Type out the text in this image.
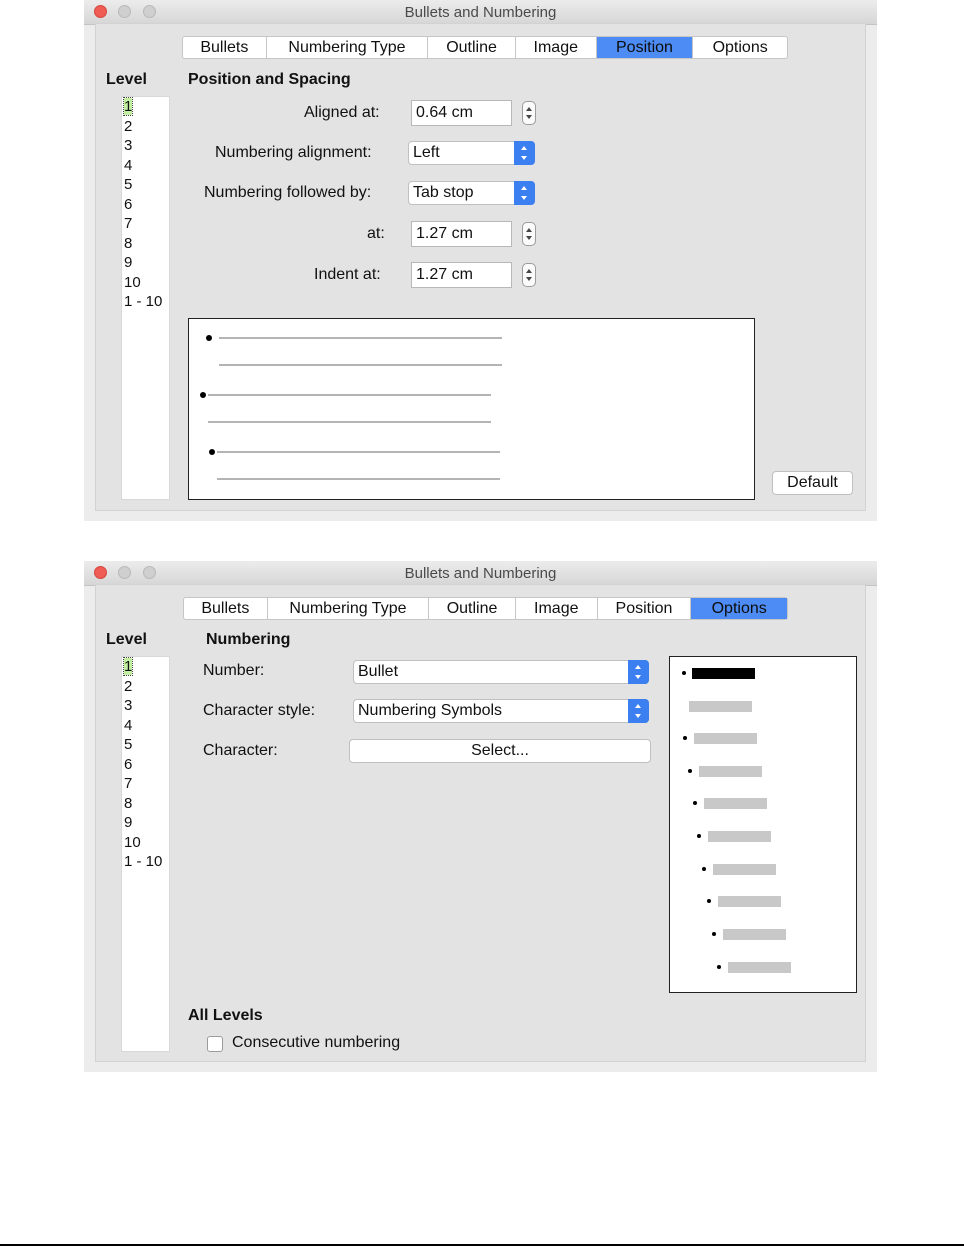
Bullets and Numbering
Bullets	Numbering Type	Outline	Image	Position	Options
Level
1
2
3
4
5
6
7
8
9
10
1 - 10
Position and Spacing
Aligned at:	0.64 cm
Numbering alignment:	Left
Numbering followed by:	Tab stop
at:	1.27 cm
Indent at:	1.27 cm
Default
Bullets and Numbering
Bullets	Numbering Type	Outline	Image	Position	Options
Level
1
2
3
4
5
6
7
8
9
10
1 - 10
Numbering
Number:	Bullet
Character style:	Numbering Symbols
Character:	Select...
All Levels
Consecutive numbering
